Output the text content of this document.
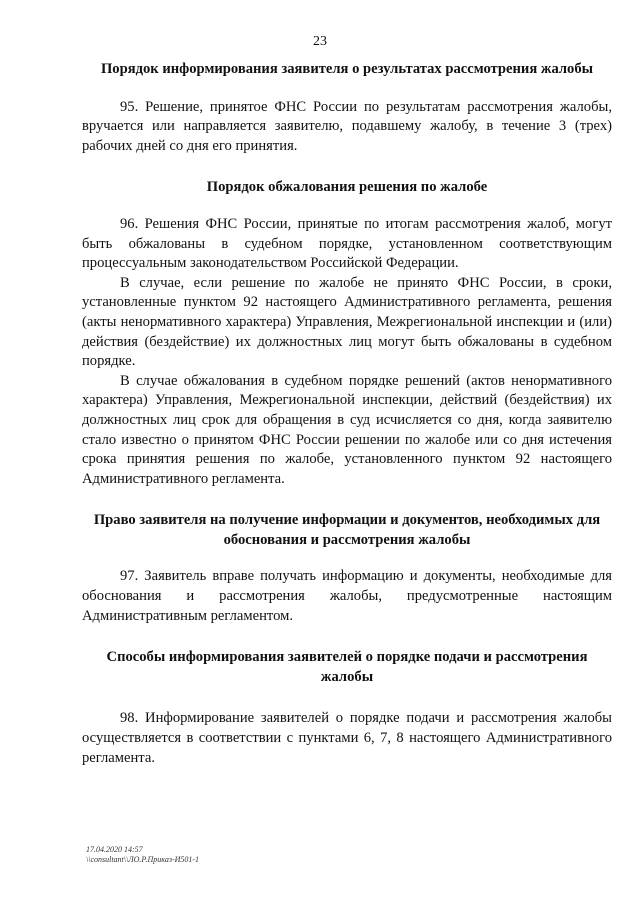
23
Порядок информирования заявителя о результатах рассмотрения жалобы

95. Решение, принятое ФНС России по результатам рассмотрения жалобы, вручается или направляется заявителю, подавшему жалобу, в течение 3 (трех) рабочих дней со дня его принятия.

Порядок обжалования решения по жалобе

96. Решения ФНС России, принятые по итогам рассмотрения жалоб, могут быть обжалованы в судебном порядке, установленном соответствующим процессуальным законодательством Российской Федерации.

В случае, если решение по жалобе не принято ФНС России, в сроки, установленные пунктом 92 настоящего Административного регламента, решения (акты ненормативного характера) Управления, Межрегиональной инспекции и (или) действия (бездействие) их должностных лиц могут быть обжалованы в судебном порядке.

В случае обжалования в судебном порядке решений (актов ненормативного характера) Управления, Межрегиональной инспекции, действий (бездействия) их должностных лиц срок для обращения в суд исчисляется со дня, когда заявителю стало известно о принятом ФНС России решении по жалобе или со дня истечения срока принятия решения по жалобе, установленного пунктом 92 настоящего Административного регламента.

Право заявителя на получение информации и документов, необходимых для
обоснования и рассмотрения жалобы

97. Заявитель вправе получать информацию и документы, необходимые для обоснования и рассмотрения жалобы, предусмотренные настоящим Административным регламентом.

Способы информирования заявителей о порядке подачи и рассмотрения
жалобы

98. Информирование заявителей о порядке подачи и рассмотрения жалобы осуществляется в соответствии с пунктами 6, 7, 8 настоящего Административного регламента.

17.04.2020 14:57
\\consultant\\ЛО.Р.Приказ-И501-1
